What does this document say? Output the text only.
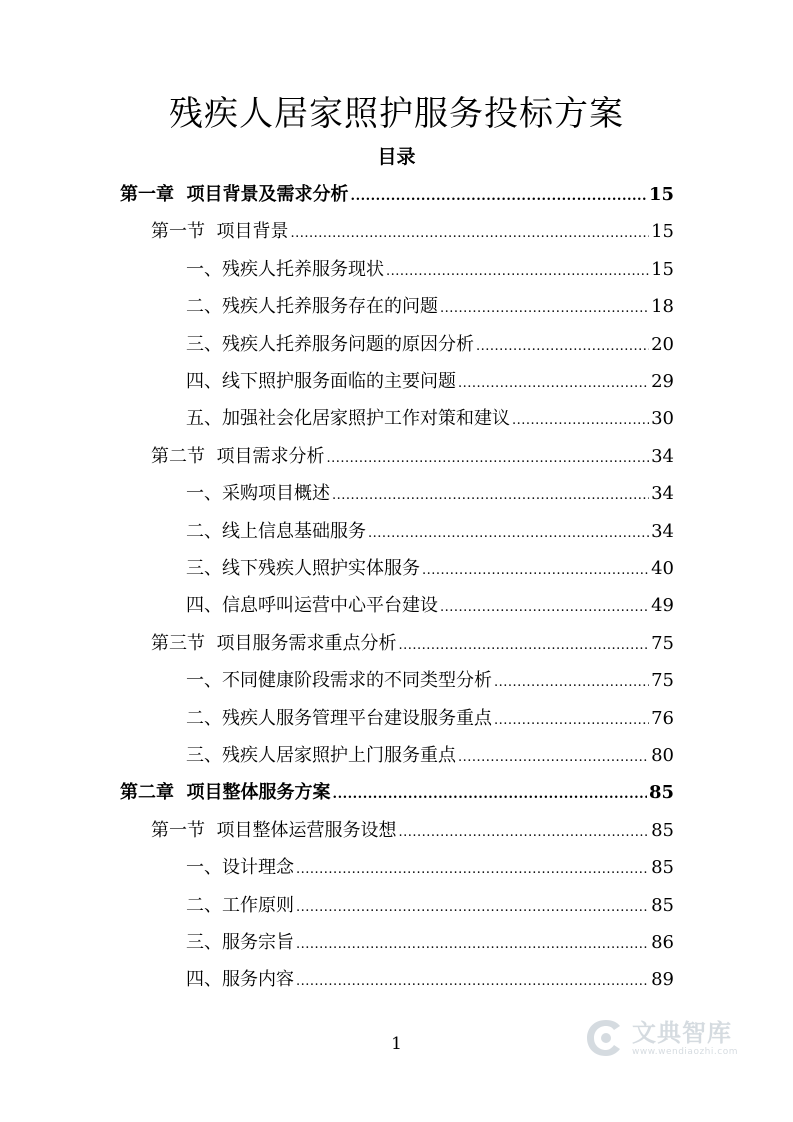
残疾人居家照护服务投标方案
目录
第一章  项目背景及需求分析 .....	15
第一节  项目背景 .....	15
一、残疾人托养服务现状 .....	15
二、残疾人托养服务存在的问题 .....	18
三、残疾人托养服务问题的原因分析 .....	20
四、线下照护服务面临的主要问题 .....	29
五、加强社会化居家照护工作对策和建议 .....	30
第二节  项目需求分析 .....	34
一、采购项目概述 .....	34
二、线上信息基础服务 .....	34
三、线下残疾人照护实体服务 .....	40
四、信息呼叫运营中心平台建设 .....	49
第三节  项目服务需求重点分析 .....	75
一、不同健康阶段需求的不同类型分析 .....	75
二、残疾人服务管理平台建设服务重点 .....	76
三、残疾人居家照护上门服务重点 .....	80
第二章  项目整体服务方案 .....	85
第一节  项目整体运营服务设想 .....	85
一、设计理念 .....	85
二、工作原则 .....	85
三、服务宗旨 .....	86
四、服务内容 .....	89
1	文典智库
www.wendiaozhi.com
